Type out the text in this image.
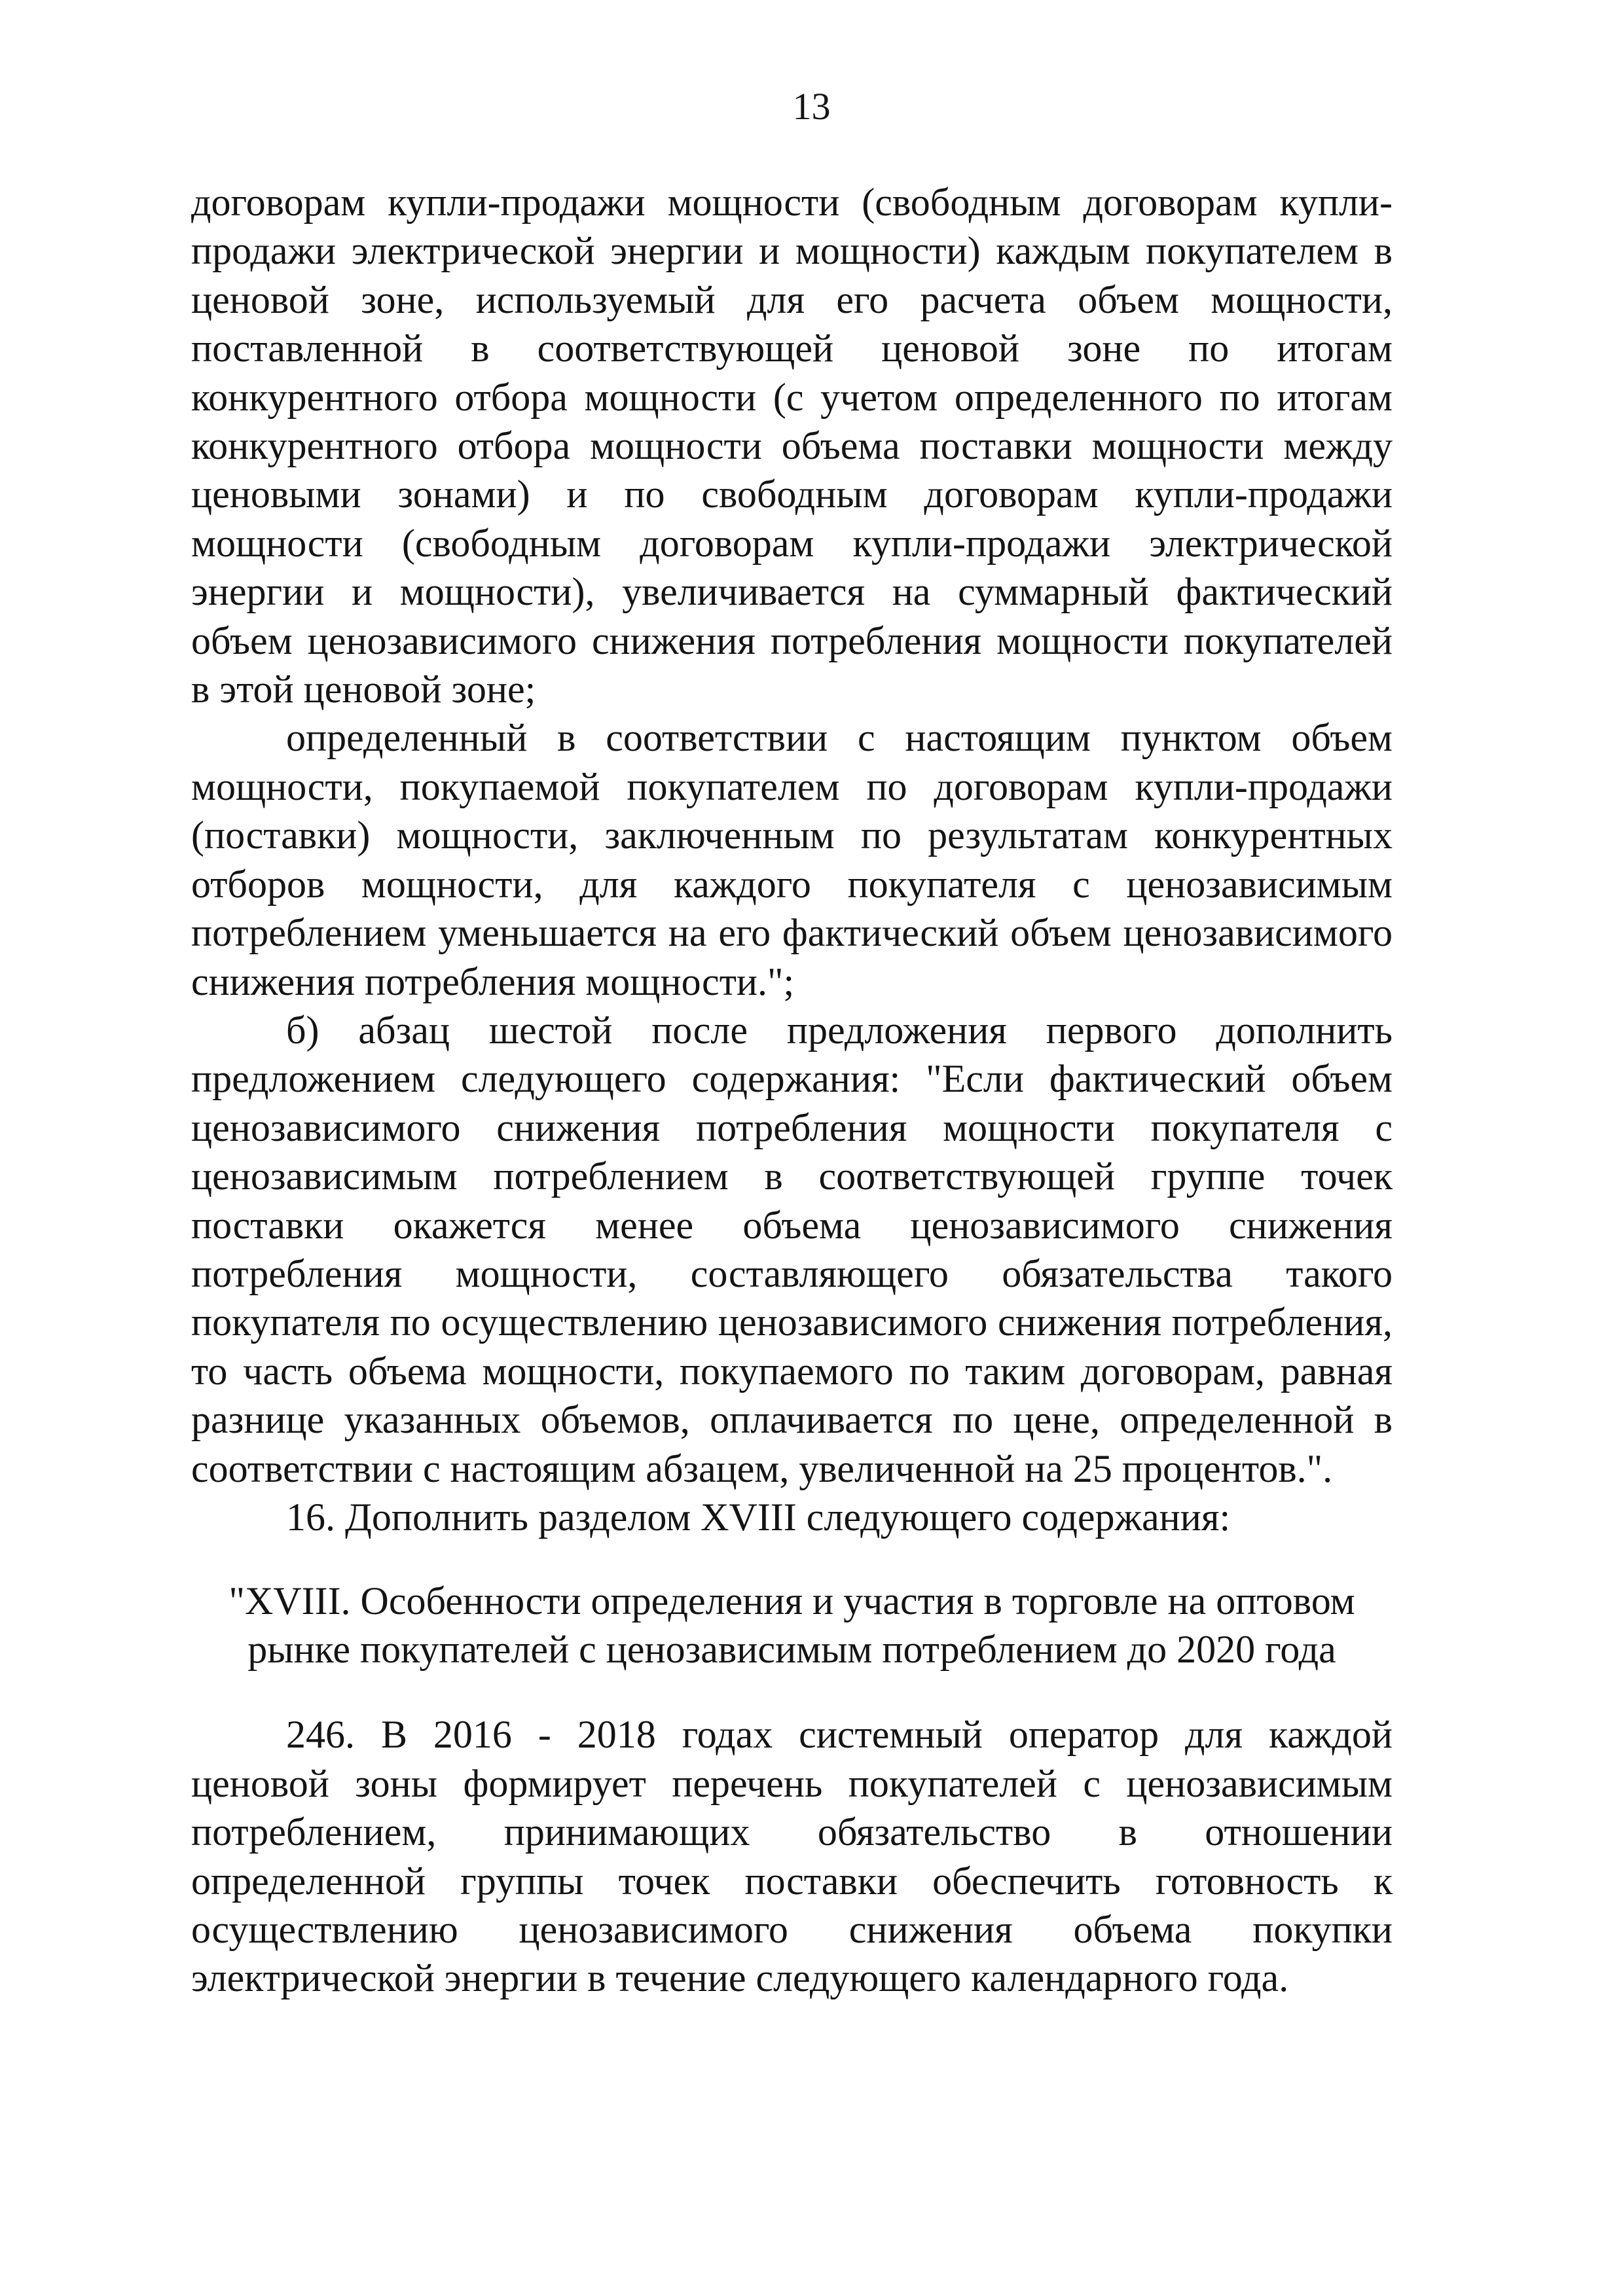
13

договорам купли-продажи мощности (свободным договорам купли-продажи электрической энергии и мощности) каждым покупателем в ценовой зоне, используемый для его расчета объем мощности, поставленной в соответствующей ценовой зоне по итогам конкурентного отбора мощности (с учетом определенного по итогам конкурентного отбора мощности объема поставки мощности между ценовыми зонами) и по свободным договорам купли-продажи мощности (свободным договорам купли-продажи электрической энергии и мощности), увеличивается на суммарный фактический объем ценозависимого снижения потребления мощности покупателей в этой ценовой зоне;

определенный в соответствии с настоящим пунктом объем мощности, покупаемой покупателем по договорам купли-продажи (поставки) мощности, заключенным по результатам конкурентных отборов мощности, для каждого покупателя с ценозависимым потреблением уменьшается на его фактический объем ценозависимого снижения потребления мощности.";

б) абзац шестой после предложения первого дополнить предложением следующего содержания: "Если фактический объем ценозависимого снижения потребления мощности покупателя с ценозависимым потреблением в соответствующей группе точек поставки окажется менее объема ценозависимого снижения потребления мощности, составляющего обязательства такого покупателя по осуществлению ценозависимого снижения потребления, то часть объема мощности, покупаемого по таким договорам, равная разнице указанных объемов, оплачивается по цене, определенной в соответствии с настоящим абзацем, увеличенной на 25 процентов.".

16. Дополнить разделом XVIII следующего содержания:

"XVIII. Особенности определения и участия в торговле на оптовом
рынке покупателей с ценозависимым потреблением до 2020 года

246. В 2016 - 2018 годах системный оператор для каждой ценовой зоны формирует перечень покупателей с ценозависимым потреблением, принимающих обязательство в отношении определенной группы точек поставки обеспечить готовность к осуществлению ценозависимого снижения объема покупки электрической энергии в течение следующего календарного года.
